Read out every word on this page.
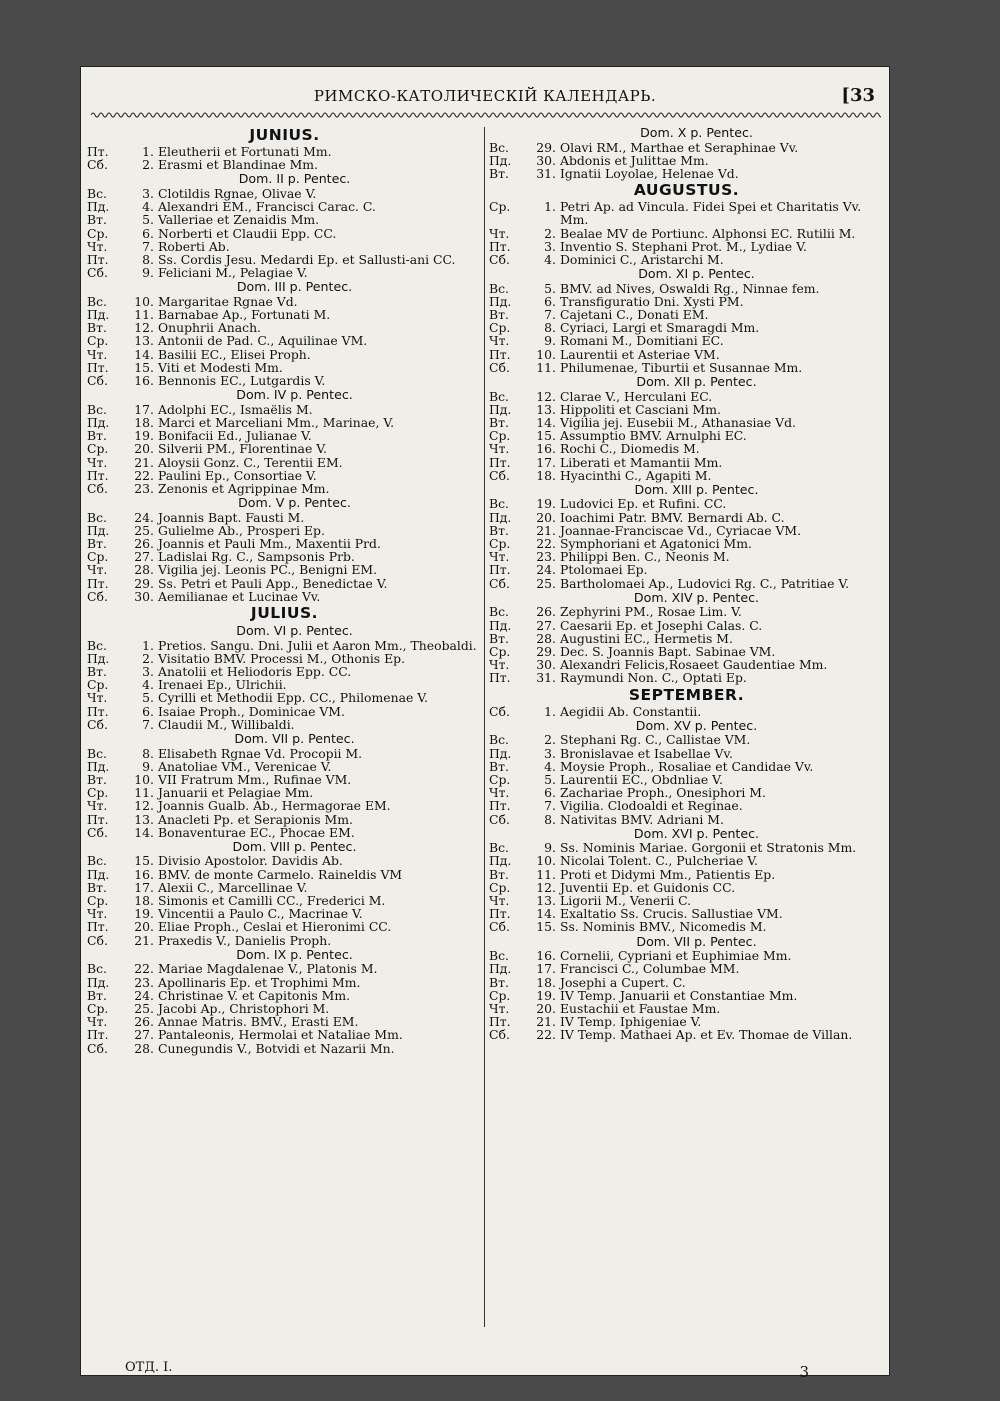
РИМСКО-КАТОЛИЧЕСКІЙ КАЛЕНДАРЬ.	[33
JUNIUS.
Пт.	1. Eleutherii et Fortunati Mm.
Сб.	2. Erasmi et Blandinae Mm.
Dom. II p. Pentec.
Вс.	3. Clotildis Rgnae, Olivae V.
Пд.	4. Alexandri EM., Francisci Carac. C.
Вт.	5. Valleriae et Zenaidis Mm.
Ср.	6. Norberti et Claudii Epp. CC.
Чт.	7. Roberti Ab.
Пт.	8. Ss. Cordis Jesu. Medardi Ep. et Sallusti-ani CC.
Сб.	9. Feliciani M., Pelagiae V.
Dom. III p. Pentec.
Вс.	10. Margaritae Rgnae Vd.
Пд.	11. Barnabae Ap., Fortunati M.
Вт.	12. Onuphrii Anach.
Ср.	13. Antonii de Pad. C., Aquilinae VM.
Чт.	14. Basilii EC., Elisei Proph.
Пт.	15. Viti et Modesti Mm.
Сб.	16. Bennonis EC., Lutgardis V.
Dom. IV p. Pentec.
Вс.	17. Adolphi EC., Ismaëlis M.
Пд.	18. Marci et Marceliani Mm., Marinae, V.
Вт.	19. Bonifacii Ed., Julianae V.
Ср.	20. Silverii PM., Florentinae V.
Чт.	21. Aloysii Gonz. C., Terentii EM.
Пт.	22. Paulini Ep., Consortiae V.
Сб.	23. Zenonis et Agrippinae Mm.
Dom. V p. Pentec.
Вс.	24. Joannis Bapt. Fausti M.
Пд.	25. Gulielme Ab., Prosperi Ep.
Вт.	26. Joannis et Pauli Mm., Maxentii Prd.
Ср.	27. Ladislai Rg. C., Sampsonis Prb.
Чт.	28. Vigilia jej. Leonis PC., Benigni EM.
Пт.	29. Ss. Petri et Pauli App., Benedictae V.
Сб.	30. Aemilianae et Lucinae Vv.
JULIUS.
Dom. VI p. Pentec.
Вс.	1. Pretios. Sangu. Dni. Julii et Aaron Mm., Theobaldi.
Пд.	2. Visitatio BMV. Processi M., Othonis Ep.
Вт.	3. Anatolii et Heliodoris Epp. CC.
Ср.	4. Irenaei Ep., Ulrichii.
Чт.	5. Cyrilli et Methodii Epp. CC., Philomenae V.
Пт.	6. Isaiae Proph., Dominicae VM.
Сб.	7. Claudii M., Willibaldi.
Dom. VII p. Pentec.
Вс.	8. Elisabeth Rgnae Vd. Procopii M.
Пд.	9. Anatoliae VM., Verenicae V.
Вт.	10. VII Fratrum Mm., Rufinae VM.
Ср.	11. Januarii et Pelagiae Mm.
Чт.	12. Joannis Gualb. Ab., Hermagorae EM.
Пт.	13. Anacleti Pp. et Serapionis Mm.
Сб.	14. Bonaventurae EC., Phocae EM.
Dom. VIII p. Pentec.
Вс.	15. Divisio Apostolor. Davidis Ab.
Пд.	16. BMV. de monte Carmelo. Raineldis VM
Вт.	17. Alexii C., Marcellinae V.
Ср.	18. Simonis et Camilli CC., Frederici M.
Чт.	19. Vincentii a Paulo C., Macrinae V.
Пт.	20. Eliae Proph., Ceslai et Hieronimi CC.
Сб.	21. Praxedis V., Danielis Proph.
Dom. IX p. Pentec.
Вс.	22. Mariae Magdalenae V., Platonis M.
Пд.	23. Apollinaris Ep. et Trophimi Mm.
Вт.	24. Christinae V. et Capitonis Mm.
Ср.	25. Jacobi Ap., Christophori M.
Чт.	26. Annae Matris. BMV., Erasti EM.
Пт.	27. Pantaleonis, Hermolai et Nataliae Mm.
Сб.	28. Cunegundis V., Botvidi et Nazarii Mn.
Dom. X p. Pentec.
Вс.	29. Olavi RM., Marthae et Seraphinae Vv.
Пд.	30. Abdonis et Julittae Mm.
Вт.	31. Ignatii Loyolae, Helenae Vd.
AUGUSTUS.
Ср.	1. Petri Ap. ad Vincula. Fidei Spei et Charitatis Vv. Mm.
Чт.	2. Bealae MV de Portiunc. Alphonsi EC. Rutilii M.
Пт.	3. Inventio S. Stephani Prot. M., Lydiae V.
Сб.	4. Dominici C., Aristarchi M.
Dom. XI p. Pentec.
Вс.	5. BMV. ad Nives, Oswaldi Rg., Ninnae fem.
Пд.	6. Transfiguratio Dni. Xysti PM.
Вт.	7. Cajetani C., Donati EM.
Ср.	8. Cyriaci, Largi et Smaragdi Mm.
Чт.	9. Romani M., Domitiani EC.
Пт.	10. Laurentii et Asteriae VM.
Сб.	11. Philumenae, Tiburtii et Susannae Mm.
Dom. XII p. Pentec.
Вс.	12. Clarae V., Herculani EC.
Пд.	13. Hippoliti et Casciani Mm.
Вт.	14. Vigilia jej. Eusebii M., Athanasiae Vd.
Ср.	15. Assumptio BMV. Arnulphi EC.
Чт.	16. Rochi C., Diomedis M.
Пт.	17. Liberati et Mamantii Mm.
Сб.	18. Hyacinthi C., Agapiti M.
Dom. XIII p. Pentec.
Вс.	19. Ludovici Ep. et Rufini. CC.
Пд.	20. Ioachimi Patr. BMV. Bernardi Ab. C.
Вт.	21. Joannae-Franciscae Vd., Cyriacae VM.
Ср.	22. Symphoriani et Agatonici Mm.
Чт.	23. Philippi Ben. C., Neonis M.
Пт.	24. Ptolomaei Ep.
Сб.	25. Bartholomaei Ap., Ludovici Rg. C., Patritiae V.
Dom. XIV p. Pentec.
Вс.	26. Zephyrini PM., Rosae Lim. V.
Пд.	27. Caesarii Ep. et Josephi Calas. C.
Вт.	28. Augustini EC., Hermetis M.
Ср.	29. Dec. S. Joannis Bapt. Sabinae VM.
Чт.	30. Alexandri Felicis,Rosaeet Gaudentiae Mm.
Пт.	31. Raymundi Non. C., Optati Ep.
SEPTEMBER.
Сб.	1. Aegidii Ab. Constantii.
Dom. XV p. Pentec.
Вс.	2. Stephani Rg. C., Callistae VM.
Пд.	3. Bronislavae et Isabellae Vv.
Вт.	4. Moysie Proph., Rosaliae et Candidae Vv.
Ср.	5. Laurentii EC., Obdnliae V.
Чт.	6. Zachariae Proph., Onesiphori M.
Пт.	7. Vigilia. Clodoaldi et Reginae.
Сб.	8. Nativitas BMV. Adriani M.
Dom. XVI p. Pentec.
Вс.	9. Ss. Nominis Mariae. Gorgonii et Stratonis Mm.
Пд.	10. Nicolai Tolent. C., Pulcheriae V.
Вт.	11. Proti et Didymi Mm., Patientis Ep.
Ср.	12. Juventii Ep. et Guidonis CC.
Чт.	13. Ligorii M., Venerii C.
Пт.	14. Exaltatio Ss. Crucis. Sallustiae VM.
Сб.	15. Ss. Nominis BMV., Nicomedis M.
Dom. VII p. Pentec.
Вс.	16. Cornelii, Cypriani et Euphimiae Mm.
Пд.	17. Francisci C., Columbae MM.
Вт.	18. Josephi a Cupert. C.
Ср.	19. IV Temp. Januarii et Constantiae Mm.
Чт.	20. Eustachii et Faustae Mm.
Пт.	21. IV Temp. Iphigeniae V.
Сб.	22. IV Temp. Mathaei Ap. et Ev. Thomae de Villan.
ОТД. I.	3
